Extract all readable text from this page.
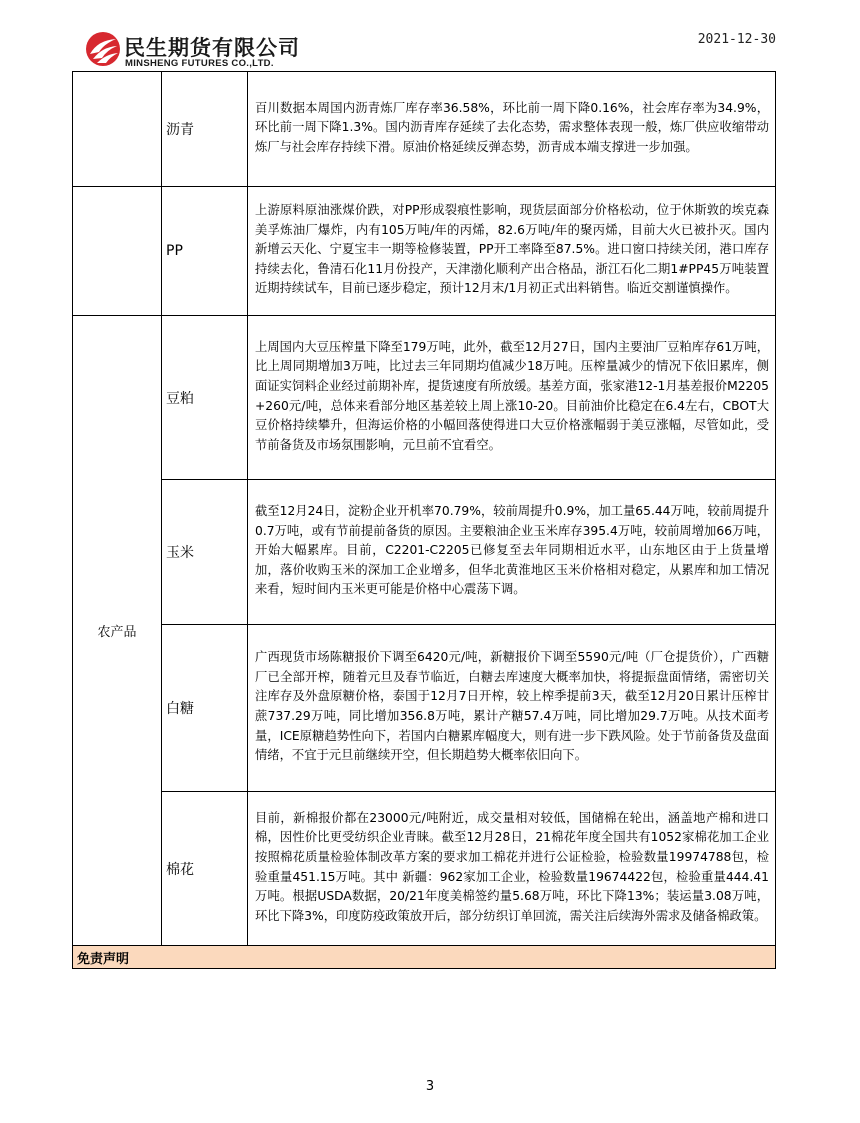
民生期货有限公司
MINSHENG FUTURES CO.,LTD.
2021-12-30
	沥青	百川数据本周国内沥青炼厂库存率36.58%，环比前一周下降0.16%，社会库存率为34.9%，环比前一周下降1.3%。国内沥青库存延续了去化态势，需求整体表现一般，炼厂供应收缩带动炼厂与社会库存持续下滑。原油价格延续反弹态势，沥青成本端支撑进一步加强。
	PP	上游原料原油涨煤价跌，对PP形成裂痕性影响，现货层面部分价格松动，位于休斯敦的埃克森美孚炼油厂爆炸，内有105万吨/年的丙烯，82.6万吨/年的聚丙烯，目前大火已被扑灭。国内新增云天化、宁夏宝丰一期等检修装置，PP开工率降至87.5%。进口窗口持续关闭，港口库存持续去化，鲁清石化11月份投产，天津渤化顺利产出合格品，浙江石化二期1#PP45万吨装置近期持续试车，目前已逐步稳定，预计12月末/1月初正式出料销售。临近交割谨慎操作。
农产品	豆粕	上周国内大豆压榨量下降至179万吨，此外，截至12月27日，国内主要油厂豆粕库存61万吨，比上周同期增加3万吨，比过去三年同期均值减少18万吨。压榨量减少的情况下依旧累库，侧面证实饲料企业经过前期补库，提货速度有所放缓。基差方面，张家港12-1月基差报价M2205+260元/吨，总体来看部分地区基差较上周上涨10-20。目前油价比稳定在6.4左右，CBOT大豆价格持续攀升，但海运价格的小幅回落使得进口大豆价格涨幅弱于美豆涨幅，尽管如此，受节前备货及市场氛围影响，元旦前不宜看空。
	玉米	截至12月24日，淀粉企业开机率70.79%，较前周提升0.9%，加工量65.44万吨，较前周提升0.7万吨，或有节前提前备货的原因。主要粮油企业玉米库存395.4万吨，较前周增加66万吨，开始大幅累库。目前，C2201-C2205已修复至去年同期相近水平，山东地区由于上货量增加，落价收购玉米的深加工企业增多，但华北黄淮地区玉米价格相对稳定，从累库和加工情况来看，短时间内玉米更可能是价格中心震荡下调。
	白糖	广西现货市场陈糖报价下调至6420元/吨，新糖报价下调至5590元/吨（厂仓提货价），广西糖厂已全部开榨，随着元旦及春节临近，白糖去库速度大概率加快，将提振盘面情绪，需密切关注库存及外盘原糖价格，泰国于12月7日开榨，较上榨季提前3天，截至12月20日累计压榨甘蔗737.29万吨，同比增加356.8万吨，累计产糖57.4万吨，同比增加29.7万吨。从技术面考量，ICE原糖趋势性向下，若国内白糖累库幅度大，则有进一步下跌风险。处于节前备货及盘面情绪，不宜于元旦前继续开空，但长期趋势大概率依旧向下。
	棉花	目前，新棉报价都在23000元/吨附近，成交量相对较低，国储棉在轮出，涵盖地产棉和进口棉，因性价比更受纺织企业青睐。截至12月28日，21棉花年度全国共有1052家棉花加工企业按照棉花质量检验体制改革方案的要求加工棉花并进行公证检验，检验数量19974788包，检验重量451.15万吨。其中 新疆：962家加工企业，检验数量19674422包，检验重量444.41万吨。根据USDA数据，20/21年度美棉签约量5.68万吨，环比下降13%；装运量3.08万吨，环比下降3%，印度防疫政策放开后，部分纺织订单回流，需关注后续海外需求及储备棉政策。
免责声明		
3
